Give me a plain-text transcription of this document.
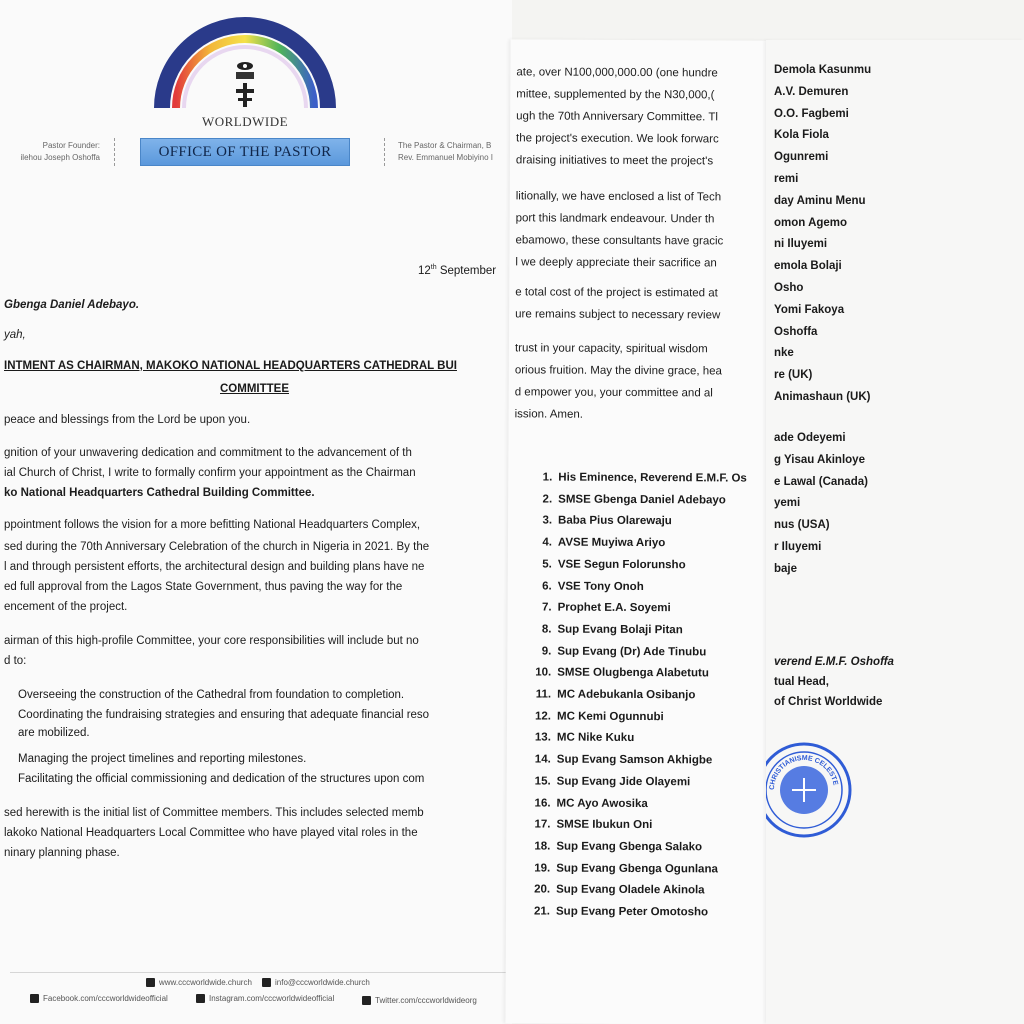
WORLDWIDE
Pastor Founder:
ilehou Joseph Oshoffa	OFFICE OF THE PASTOR	The Pastor & Chairman, B
Rev. Emmanuel Mobiyino I
12th September
Gbenga Daniel Adebayo.
yah,
INTMENT AS CHAIRMAN, MAKOKO NATIONAL HEADQUARTERS CATHEDRAL BUI
COMMITTEE
peace and blessings from the Lord be upon you.
gnition of your unwavering dedication and commitment to the advancement of th
ial Church of Christ, I write to formally confirm your appointment as the Chairman
ko National Headquarters Cathedral Building Committee.
ppointment follows the vision for a more befitting National Headquarters Complex,
sed during the 70th Anniversary Celebration of the church in Nigeria in 2021. By the
l and through persistent efforts, the architectural design and building plans have ne
ed full approval from the Lagos State Government, thus paving the way for the
encement of the project.
airman of this high-profile Committee, your core responsibilities will include but no
d to:
Overseeing the construction of the Cathedral from foundation to completion.
Coordinating the fundraising strategies and ensuring that adequate financial reso
are mobilized.
Managing the project timelines and reporting milestones.
Facilitating the official commissioning and dedication of the structures upon com
sed herewith is the initial list of Committee members. This includes selected memb
lakoko National Headquarters Local Committee who have played vital roles in the
ninary planning phase.
www.cccworldwide.church	info@cccworldwide.church
Facebook.com/cccworldwideofficial	Instagram.com/cccworldwideofficial	Twitter.com/cccworldwideorg
ate, over N100,000,000.00 (one hundre
mittee, supplemented by the N30,000,(
ugh the 70th Anniversary Committee. Tl
the project's execution. We look forwarc
draising initiatives to meet the project's
litionally, we have enclosed a list of Tech
port this landmark endeavour. Under th
ebamowo, these consultants have gracic
l we deeply appreciate their sacrifice an
e total cost of the project is estimated at
ure remains subject to necessary review
trust in your capacity, spiritual wisdom
orious fruition. May the divine grace, hea
d empower you, your committee and al
ission. Amen.
1. His Eminence, Reverend E.M.F. Os
2. SMSE Gbenga Daniel Adebayo
3. Baba Pius Olarewaju
4. AVSE Muyiwa Ariyo
5. VSE Segun Folorunsho
6. VSE Tony Onoh
7. Prophet E.A. Soyemi
8. Sup Evang Bolaji Pitan
9. Sup Evang (Dr) Ade Tinubu
10. SMSE Olugbenga Alabetutu
11. MC Adebukanla Osibanjo
12. MC Kemi Ogunnubi
13. MC Nike Kuku
14. Sup Evang Samson Akhigbe
15. Sup Evang Jide Olayemi
16. MC Ayo Awosika
17. SMSE Ibukun Oni
18. Sup Evang Gbenga Salako
19. Sup Evang Gbenga Ogunlana
20. Sup Evang Oladele Akinola
21. Sup Evang Peter Omotosho
Demola Kasunmu
A.V. Demuren
O.O. Fagbemi
Kola Fiola
Ogunremi
remi
day Aminu Menu
omon Agemo
ni Iluyemi
emola Bolaji
Osho
Yomi Fakoya
Oshoffa
nke
re (UK)
Animashaun (UK)
ade Odeyemi
g Yisau Akinloye
e Lawal (Canada)
yemi
nus (USA)
r Iluyemi
baje
verend E.M.F. Oshoffa
tual Head,
of Christ Worldwide
CHRISTIANISME CELESTE
